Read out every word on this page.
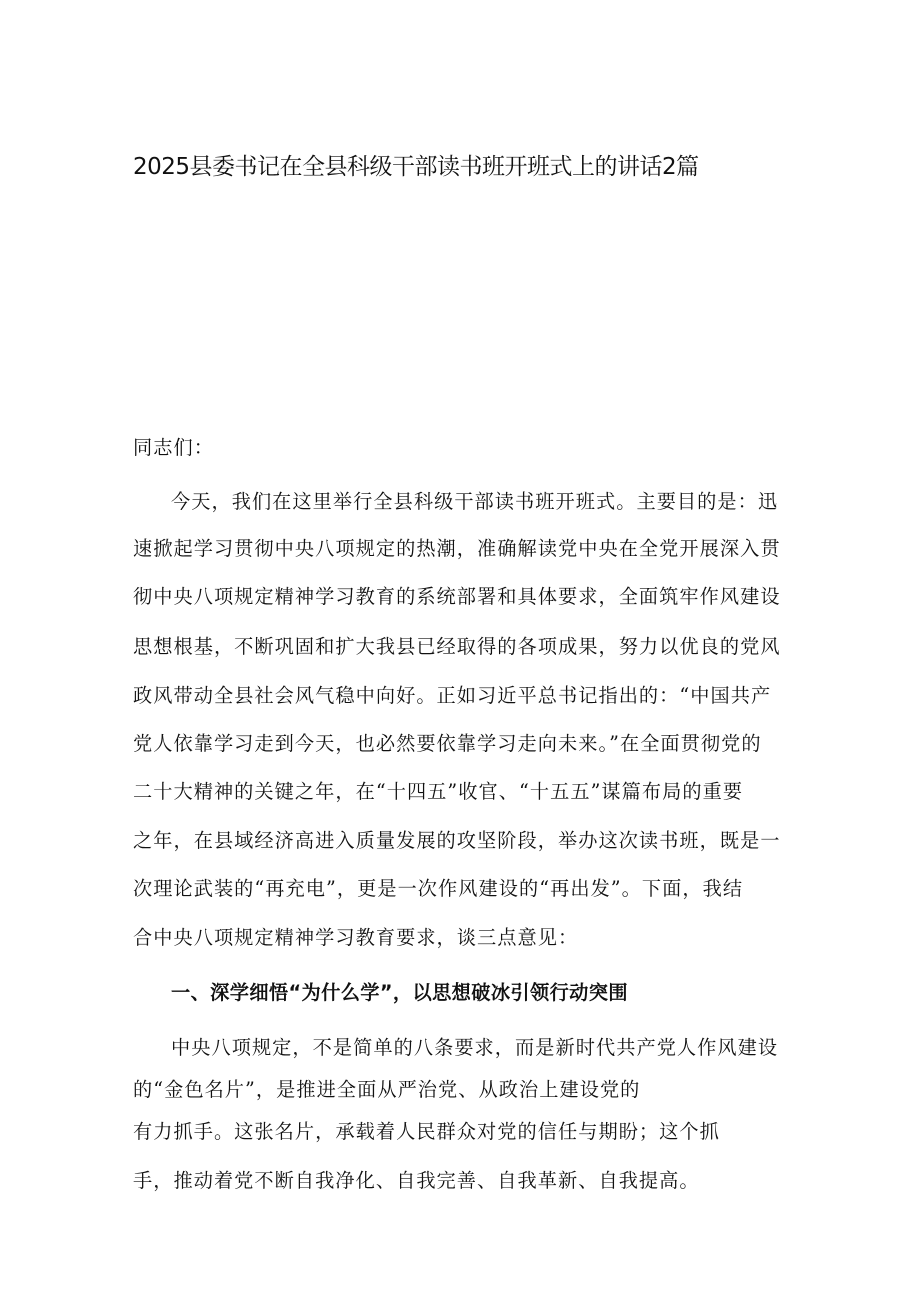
2025县委书记在全县科级干部读书班开班式上的讲话2篇
同志们：
今天，我们在这里举行全县科级干部读书班开班式。主要目的是：迅
速掀起学习贯彻中央八项规定的热潮，准确解读党中央在全党开展深入贯
彻中央八项规定精神学习教育的系统部署和具体要求，全面筑牢作风建设
思想根基，不断巩固和扩大我县已经取得的各项成果，努力以优良的党风
政风带动全县社会风气稳中向好。正如习近平总书记指出的：“中国共产
党人依靠学习走到今天，也必然要依靠学习走向未来。”在全面贯彻党的
二十大精神的关键之年，在“十四五”收官、“十五五”谋篇布局的重要
之年，在县域经济高进入质量发展的攻坚阶段，举办这次读书班，既是一
次理论武装的“再充电”，更是一次作风建设的“再出发”。下面，我结
合中央八项规定精神学习教育要求，谈三点意见：
一、深学细悟“为什么学”，以思想破冰引领行动突围
中央八项规定，不是简单的八条要求，而是新时代共产党人作风建设
的“金色名片”，是推进全面从严治党、从政治上建设党的
有力抓手。这张名片，承载着人民群众对党的信任与期盼；这个抓
手，推动着党不断自我净化、自我完善、自我革新、自我提高。
